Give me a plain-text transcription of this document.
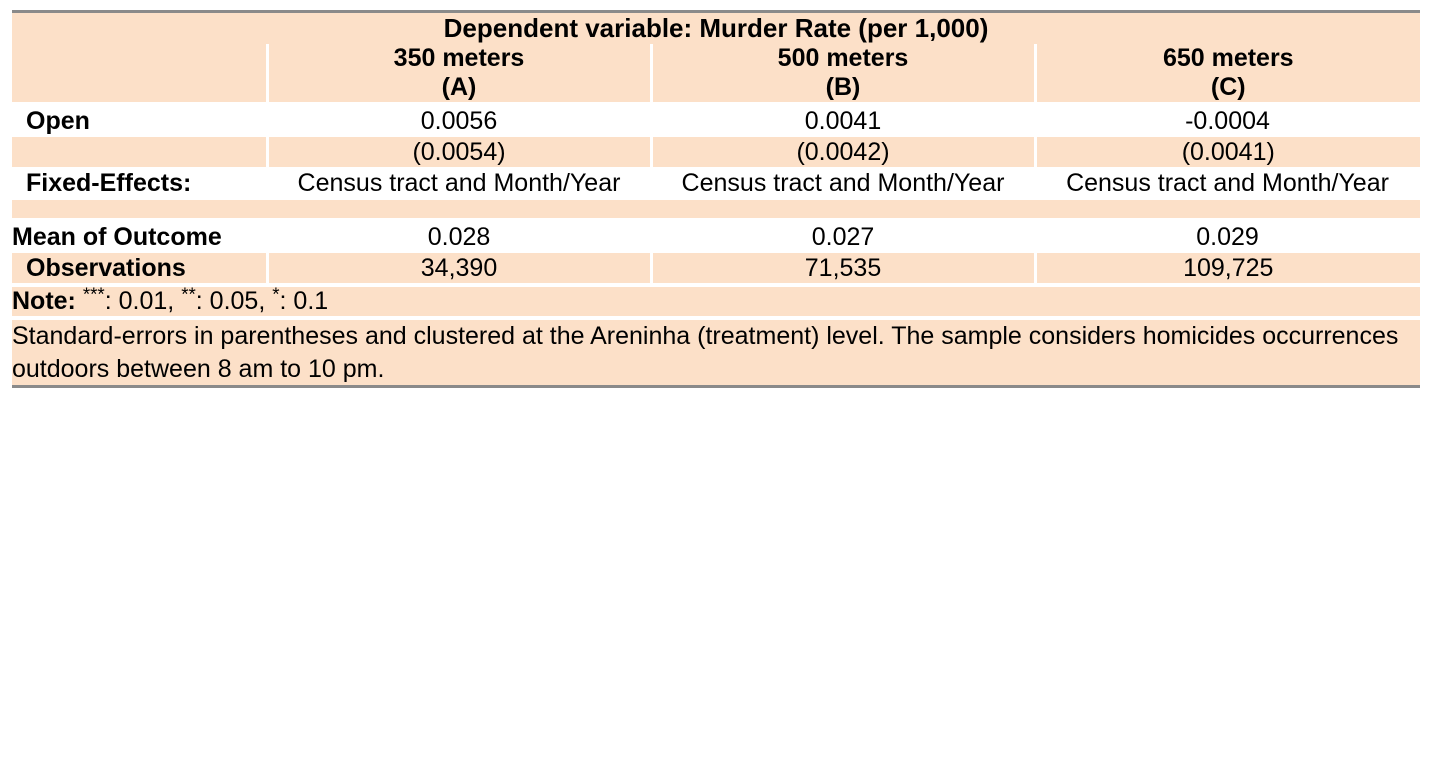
Dependent variable: Murder Rate (per 1,000)			
	350 meters	500 meters	650 meters
	(A)	(B)	(C)

Open	0.0056	0.0041	-0.0004
	(0.0054)	(0.0042)	(0.0041)
Fixed-Effects:	Census tract and Month/Year	Census tract and Month/Year	Census tract and Month/Year

Mean of Outcome	0.028	0.027	0.029
Observations	34,390	71,535	109,725

Note: ***: 0.01, **: 0.05, *: 0.1			

Standard-errors in parentheses and clustered at the Areninha (treatment) level. The sample considers homicides occurrences outdoors between 8 am to 10 pm.			
